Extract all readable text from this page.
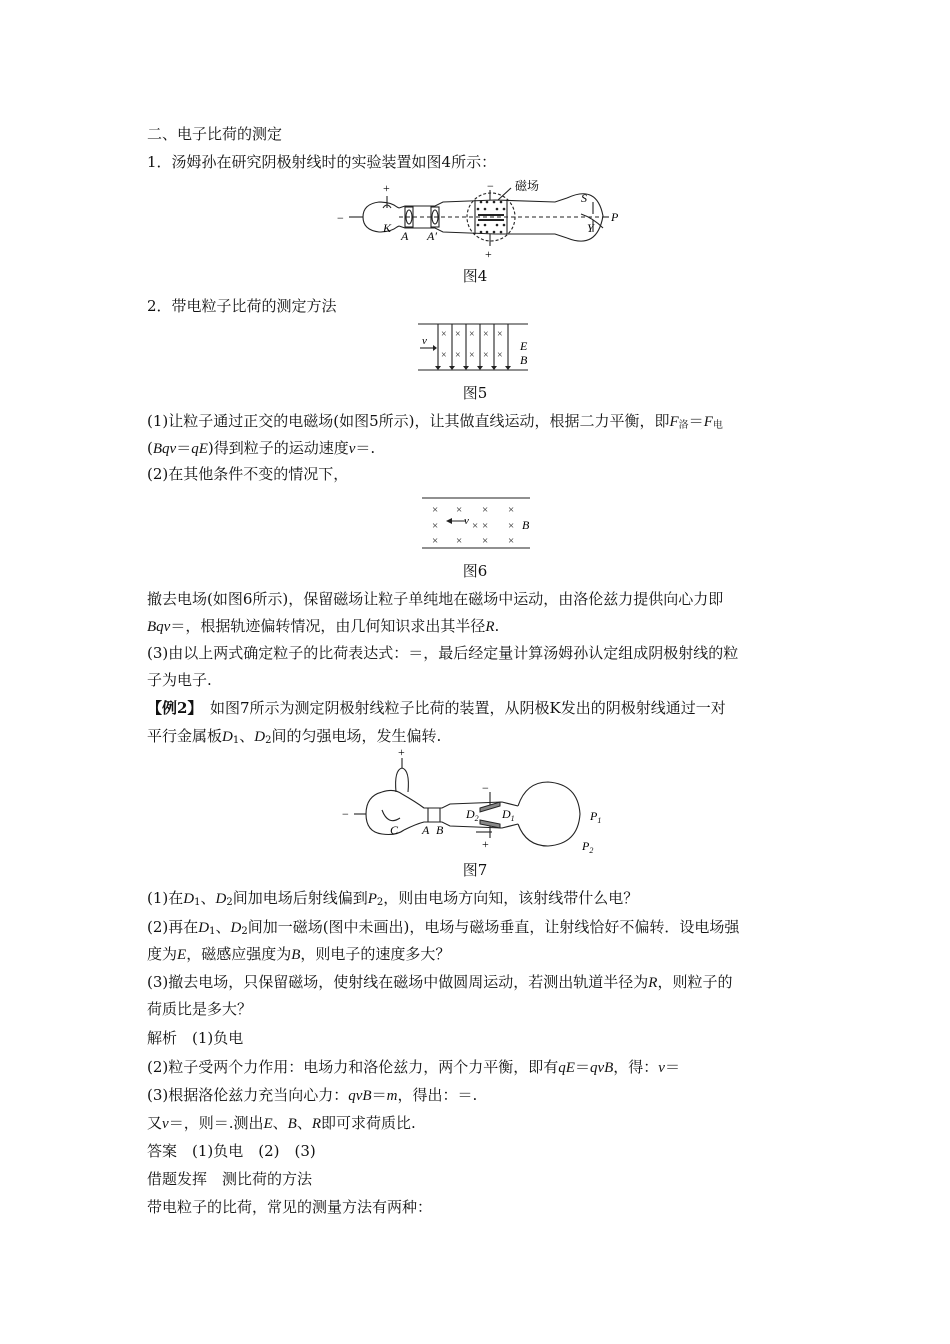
二、电子比荷的测定
1．汤姆孙在研究阴极射线时的实验装置如图4所示：
+
−
K
A A′
−
+
磁场
S
P
Y
图4
2．带电粒子比荷的测定方法
× × × × ×
× × × × ×
v	E
B
图5
(1)让粒子通过正交的电磁场(如图5所示)，让其做直线运动，根据二力平衡，即$F_洛=F_电$
(Bqv＝qE)得到粒子的运动速度v＝.
(2)在其他条件不变的情况下，
× × × ×
×	× × ×
× × × ×
v	B
图6
撤去电场(如图6所示)，保留磁场让粒子单纯地在磁场中运动，由洛伦兹力提供向心力即
Bqv＝，根据轨迹偏转情况，由几何知识求出其半径R.
(3)由以上两式确定粒子的比荷表达式：＝，最后经定量计算汤姆孙认定组成阴极射线的粒
子为电子.
【例2】　如图7所示为测定阴极射线粒子比荷的装置，从阴极K发出的阴极射线通过一对
平行金属板$D_1$、$D_2$间的匀强电场，发生偏转.
+
−
C A B
$D_2$ $D_1$
−
+
$P_1$
$P_2$
图7
(1)在$D_1$、$D_2$间加电场后射线偏到$P_2$，则由电场方向知，该射线带什么电？
(2)再在$D_1$、$D_2$间加一磁场(图中未画出)，电场与磁场垂直，让射线恰好不偏转．设电场强
度为E，磁感应强度为B，则电子的速度多大？
(3)撤去电场，只保留磁场，使射线在磁场中做圆周运动，若测出轨道半径为R，则粒子的
荷质比是多大？
解析　(1)负电
(2)粒子受两个力作用：电场力和洛伦兹力，两个力平衡，即有qE＝qvB，得：v＝
(3)根据洛伦兹力充当向心力：qvB＝m，得出：＝.
又v＝，则＝.测出E、B、R即可求荷质比.
答案　(1)负电　(2)　(3)
借题发挥　测比荷的方法
带电粒子的比荷，常见的测量方法有两种：
